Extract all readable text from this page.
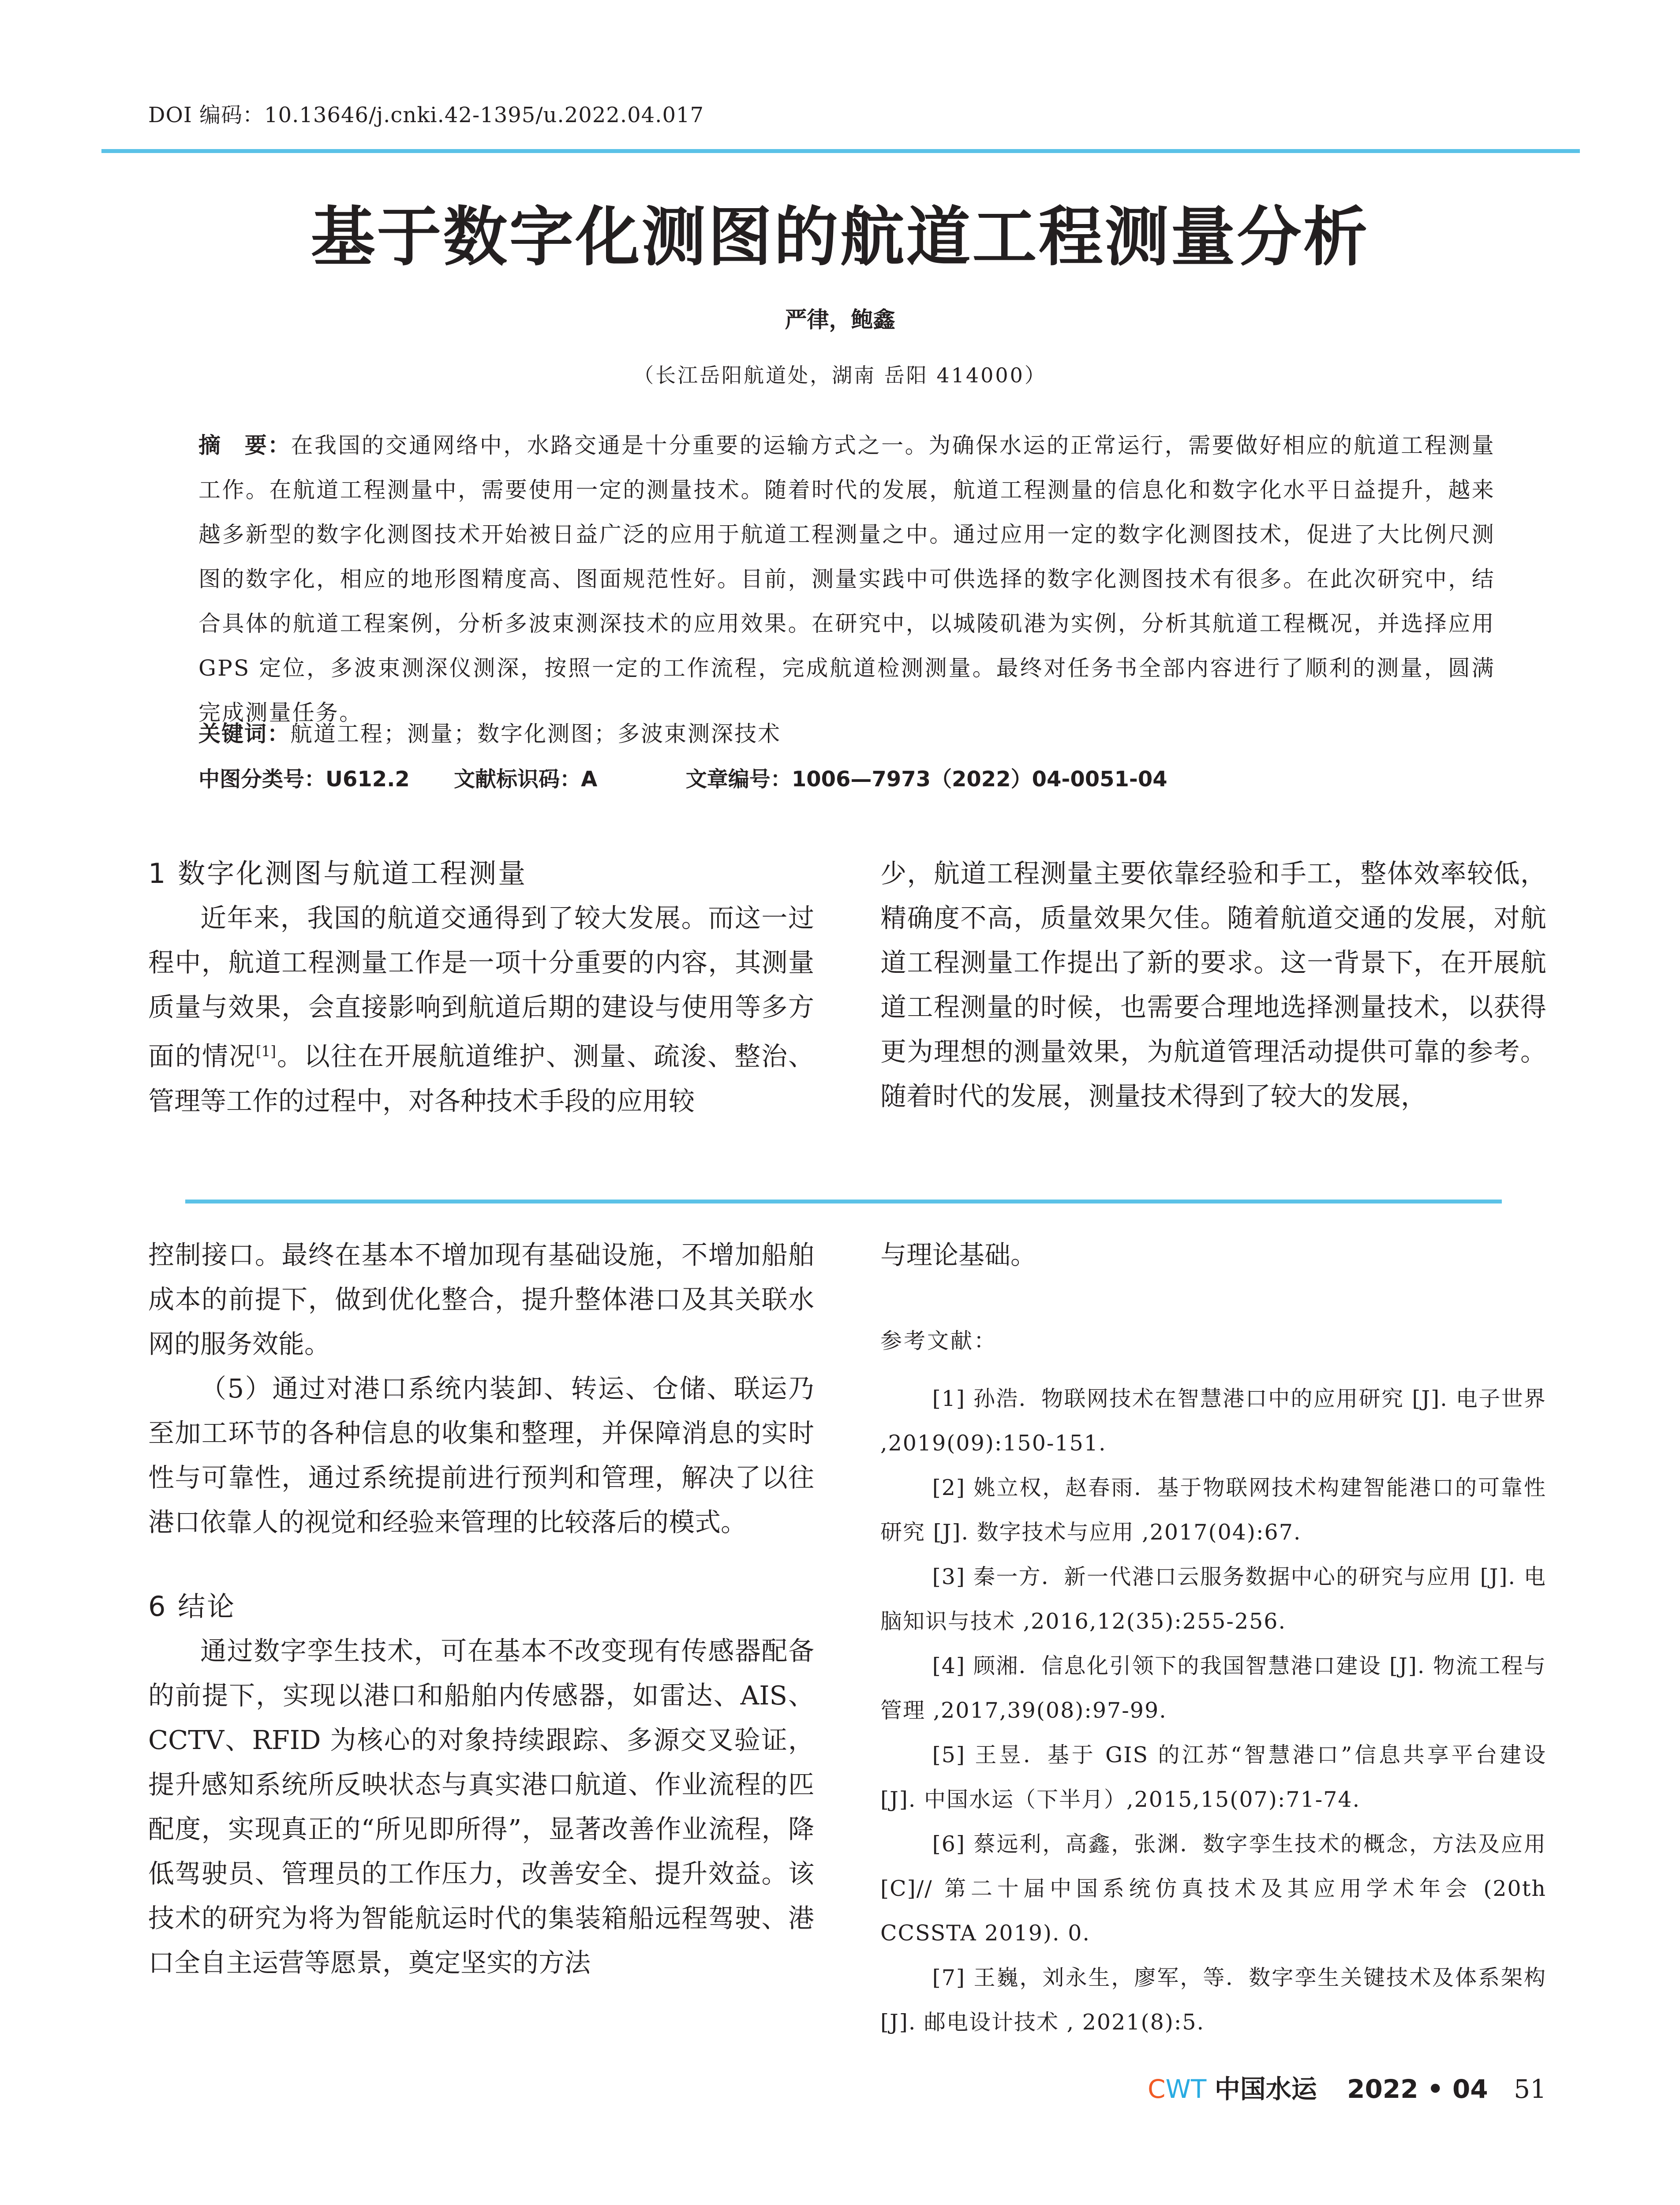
DOI 编码：10.13646/j.cnki.42-1395/u.2022.04.017
基于数字化测图的航道工程测量分析
严律，鲍鑫
（长江岳阳航道处，湖南 岳阳 414000）
摘　要：在我国的交通网络中，水路交通是十分重要的运输方式之一。为确保水运的正常运行，需要做好相应的航道工程测量工作。在航道工程测量中，需要使用一定的测量技术。随着时代的发展，航道工程测量的信息化和数字化水平日益提升，越来越多新型的数字化测图技术开始被日益广泛的应用于航道工程测量之中。通过应用一定的数字化测图技术，促进了大比例尺测图的数字化，相应的地形图精度高、图面规范性好。目前，测量实践中可供选择的数字化测图技术有很多。在此次研究中，结合具体的航道工程案例，分析多波束测深技术的应用效果。在研究中，以城陵矶港为实例，分析其航道工程概况，并选择应用 GPS 定位，多波束测深仪测深，按照一定的工作流程，完成航道检测测量。最终对任务书全部内容进行了顺利的测量，圆满完成测量任务。
关键词：航道工程；测量；数字化测图；多波束测深技术
中图分类号：U612.2 文献标识码：A	文章编号：1006—7973（2022）04-0051-04
1 数字化测图与航道工程测量

近年来，我国的航道交通得到了较大发展。而这一过程中，航道工程测量工作是一项十分重要的内容，其测量质量与效果，会直接影响到航道后期的建设与使用等多方面的情况[1]。以往在开展航道维护、测量、疏浚、整治、管理等工作的过程中，对各种技术手段的应用较

少，航道工程测量主要依靠经验和手工，整体效率较低，精确度不高，质量效果欠佳。随着航道交通的发展，对航道工程测量工作提出了新的要求。这一背景下，在开展航道工程测量的时候，也需要合理地选择测量技术，以获得更为理想的测量效果，为航道管理活动提供可靠的参考。随着时代的发展，测量技术得到了较大的发展，

控制接口。最终在基本不增加现有基础设施，不增加船舶成本的前提下，做到优化整合，提升整体港口及其关联水网的服务效能。

（5）通过对港口系统内装卸、转运、仓储、联运乃至加工环节的各种信息的收集和整理，并保障消息的实时性与可靠性，通过系统提前进行预判和管理，解决了以往港口依靠人的视觉和经验来管理的比较落后的模式。

6 结论

通过数字孪生技术，可在基本不改变现有传感器配备的前提下，实现以港口和船舶内传感器，如雷达、AIS、CCTV、RFID 为核心的对象持续跟踪、多源交叉验证，提升感知系统所反映状态与真实港口航道、作业流程的匹配度，实现真正的“所见即所得”，显著改善作业流程，降低驾驶员、管理员的工作压力，改善安全、提升效益。该技术的研究为将为智能航运时代的集装箱船远程驾驶、港口全自主运营等愿景，奠定坚实的方法

与理论基础。

参考文献：

[1] 孙浩．物联网技术在智慧港口中的应用研究 [J]. 电子世界 ,2019(09):150-151.

[2] 姚立权，赵春雨．基于物联网技术构建智能港口的可靠性研究 [J]. 数字技术与应用 ,2017(04):67.

[3] 秦一方．新一代港口云服务数据中心的研究与应用 [J]. 电脑知识与技术 ,2016,12(35):255-256.

[4] 顾湘．信息化引领下的我国智慧港口建设 [J]. 物流工程与管理 ,2017,39(08):97-99.

[5] 王昱．基于 GIS 的江苏“智慧港口”信息共享平台建设 [J]. 中国水运（下半月）,2015,15(07):71-74.

[6] 蔡远利，高鑫，张渊．数字孪生技术的概念，方法及应用 [C]// 第二十届中国系统仿真技术及其应用学术年会 (20th CCSSTA 2019). 0.

[7] 王巍，刘永生，廖军，等．数字孪生关键技术及体系架构 [J]. 邮电设计技术 , 2021(8):5.

CWT 中国水运 2022 • 04 51
